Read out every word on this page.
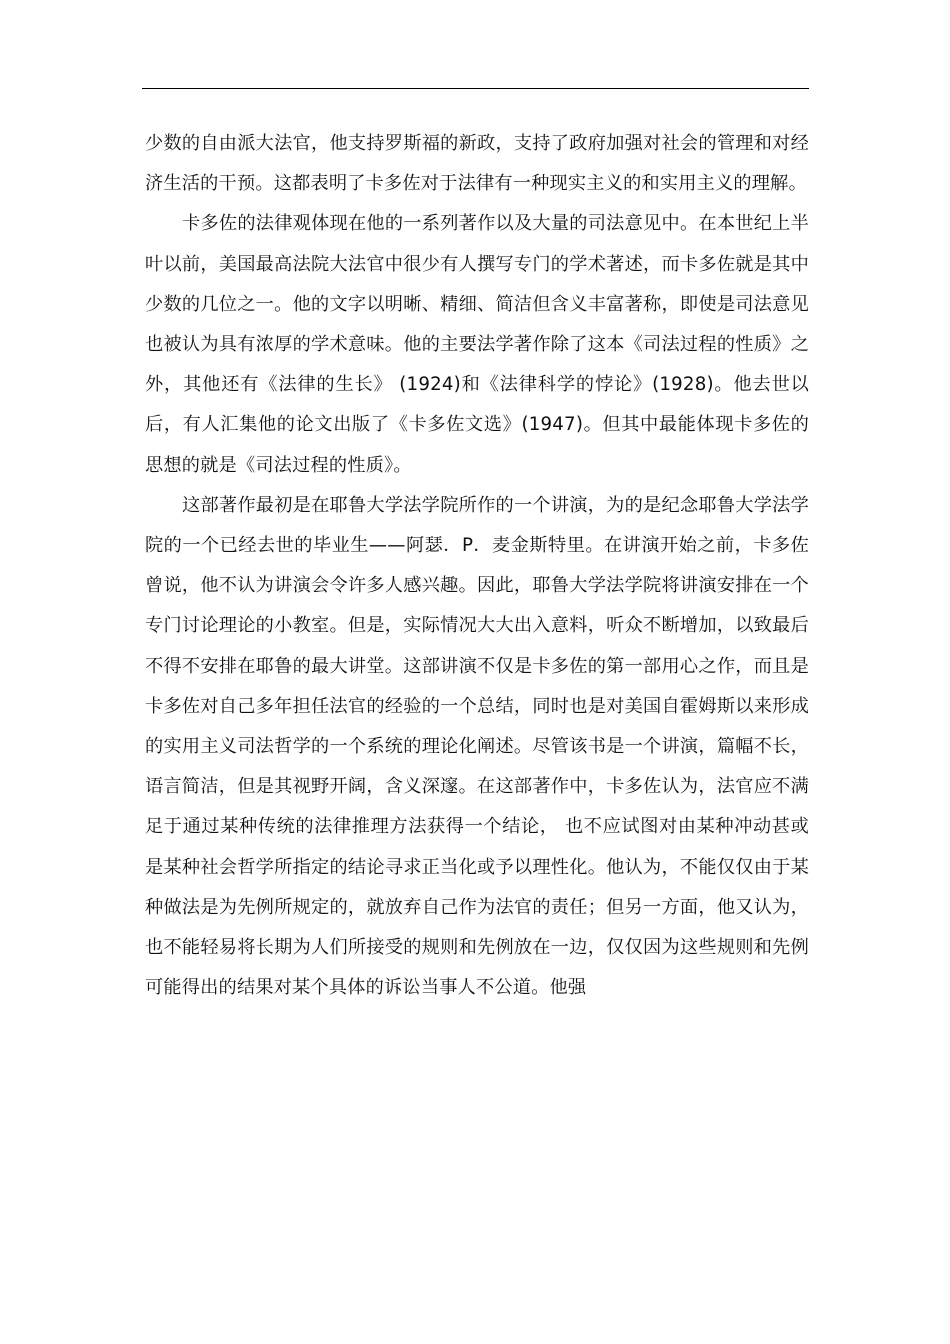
少数的自由派大法官，他支持罗斯福的新政，支持了政府加强对社会的管理和对经济生活的干预。这都表明了卡多佐对于法律有一种现实主义的和实用主义的理解。

卡多佐的法律观体现在他的一系列著作以及大量的司法意见中。在本世纪上半叶以前，美国最高法院大法官中很少有人撰写专门的学术著述，而卡多佐就是其中少数的几位之一。他的文字以明晰、精细、简洁但含义丰富著称，即使是司法意见也被认为具有浓厚的学术意味。他的主要法学著作除了这本《司法过程的性质》之外，其他还有《法律的生长》 (1924)和《法律科学的悖论》(1928)。他去世以后，有人汇集他的论文出版了《卡多佐文选》(1947)。但其中最能体现卡多佐的思想的就是《司法过程的性质》。

这部著作最初是在耶鲁大学法学院所作的一个讲演，为的是纪念耶鲁大学法学院的一个已经去世的毕业生——阿瑟．P．麦金斯特里。在讲演开始之前，卡多佐曾说，他不认为讲演会令许多人感兴趣。因此，耶鲁大学法学院将讲演安排在一个专门讨论理论的小教室。但是，实际情况大大出入意料，听众不断增加，以致最后不得不安排在耶鲁的最大讲堂。这部讲演不仅是卡多佐的第一部用心之作，而且是卡多佐对自己多年担任法官的经验的一个总结，同时也是对美国自霍姆斯以来形成的实用主义司法哲学的一个系统的理论化阐述。尽管该书是一个讲演，篇幅不长，语言简洁，但是其视野开阔，含义深邃。在这部著作中，卡多佐认为，法官应不满足于通过某种传统的法律推理方法获得一个结论， 也不应试图对由某种冲动甚或是某种社会哲学所指定的结论寻求正当化或予以理性化。他认为，不能仅仅由于某种做法是为先例所规定的，就放弃自己作为法官的责任；但另一方面，他又认为，也不能轻易将长期为人们所接受的规则和先例放在一边，仅仅因为这些规则和先例可能得出的结果对某个具体的诉讼当事人不公道。他强
